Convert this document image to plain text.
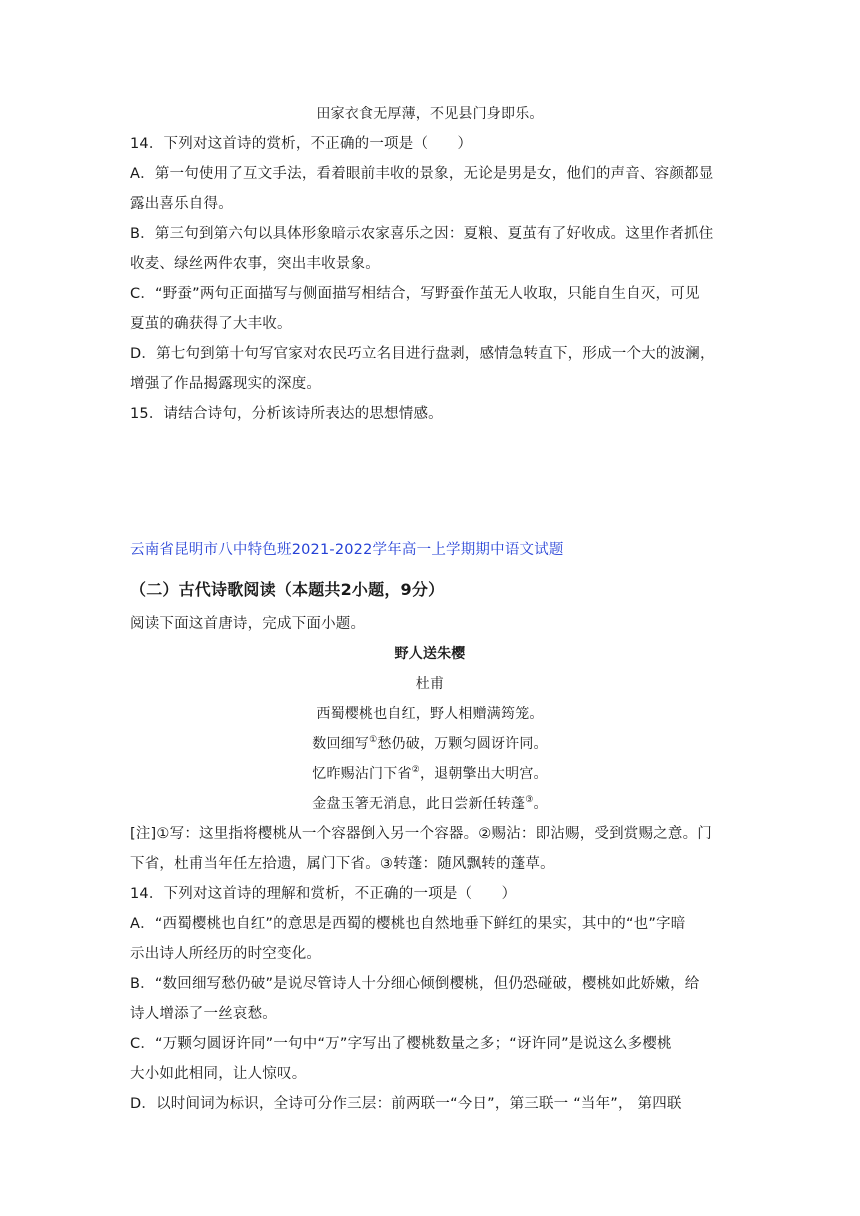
田家衣食无厚薄，不见县门身即乐。
14．下列对这首诗的赏析，不正确的一项是（　　）
A．第一句使用了互文手法，看着眼前丰收的景象，无论是男是女，他们的声音、容颜都显
露出喜乐自得。
B．第三句到第六句以具体形象暗示农家喜乐之因：夏粮、夏茧有了好收成。这里作者抓住
收麦、绿丝两件农事，突出丰收景象。
C．“野蚕”两句正面描写与侧面描写相结合，写野蚕作茧无人收取，只能自生自灭，可见
夏茧的确获得了大丰收。
D．第七句到第十句写官家对农民巧立名目进行盘剥，感情急转直下，形成一个大的波澜，
增强了作品揭露现实的深度。
15．请结合诗句，分析该诗所表达的思想情感。
云南省昆明市八中特色班2021-2022学年高一上学期期中语文试题
（二）古代诗歌阅读（本题共2小题，9分）
阅读下面这首唐诗，完成下面小题。
野人送朱樱
杜甫
西蜀樱桃也自红，野人相赠满筠笼。
数回细写①愁仍破，万颗匀圆讶许同。
忆昨赐沾门下省②，退朝擎出大明宫。
金盘玉箸无消息，此日尝新任转蓬③。
[注]①写：这里指将樱桃从一个容器倒入另一个容器。②赐沾：即沾赐，受到赏赐之意。门
下省，杜甫当年任左拾遗，属门下省。③转蓬：随风飘转的蓬草。
14．下列对这首诗的理解和赏析，不正确的一项是（　　）
A．“西蜀樱桃也自红”的意思是西蜀的樱桃也自然地垂下鲜红的果实，其中的“也”字暗
示出诗人所经历的时空变化。
B．“数回细写愁仍破”是说尽管诗人十分细心倾倒樱桃，但仍恐碰破，樱桃如此娇嫩，给
诗人增添了一丝哀愁。
C．“万颗匀圆讶许同”一句中“万”字写出了樱桃数量之多；“讶许同”是说这么多樱桃
大小如此相同，让人惊叹。
D．以时间词为标识，全诗可分作三层：前两联一“今日”，第三联一 “当年”， 第四联
